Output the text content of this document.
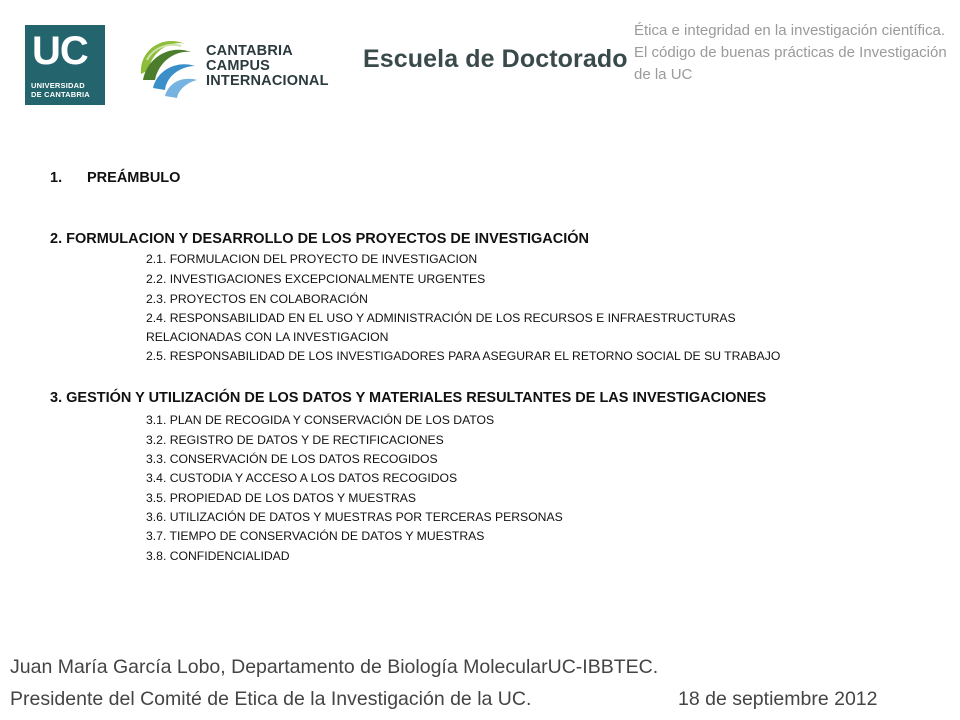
UC
UNIVERSIDAD
DE CANTABRIA
CANTABRIA
CAMPUS
INTERNACIONAL
Escuela de Doctorado
Ética e integridad en la investigación científica. El código de buenas prácticas de Investigación de la UC
1. PREÁMBULO
2. FORMULACION Y DESARROLLO DE LOS PROYECTOS DE INVESTIGACIÓN
2.1. FORMULACION DEL PROYECTO DE INVESTIGACION
2.2. INVESTIGACIONES EXCEPCIONALMENTE URGENTES
2.3. PROYECTOS EN COLABORACIÓN
2.4. RESPONSABILIDAD EN EL USO Y ADMINISTRACIÓN DE LOS RECURSOS E INFRAESTRUCTURAS
RELACIONADAS CON LA INVESTIGACION
2.5. RESPONSABILIDAD DE LOS INVESTIGADORES PARA ASEGURAR EL RETORNO SOCIAL DE SU TRABAJO
3. GESTIÓN Y UTILIZACIÓN DE LOS DATOS Y MATERIALES RESULTANTES DE LAS INVESTIGACIONES
3.1. PLAN DE RECOGIDA Y CONSERVACIÓN DE LOS DATOS
3.2. REGISTRO DE DATOS Y DE RECTIFICACIONES
3.3. CONSERVACIÓN DE LOS DATOS RECOGIDOS
3.4. CUSTODIA Y ACCESO A LOS DATOS RECOGIDOS
3.5. PROPIEDAD DE LOS DATOS Y MUESTRAS
3.6. UTILIZACIÓN DE DATOS Y MUESTRAS POR TERCERAS PERSONAS
3.7. TIEMPO DE CONSERVACIÓN DE DATOS Y MUESTRAS
3.8. CONFIDENCIALIDAD
Juan María García Lobo, Departamento de Biología MolecularUC-IBBTEC.
Presidente del Comité de Etica de la Investigación de la UC.	18 de septiembre 2012
